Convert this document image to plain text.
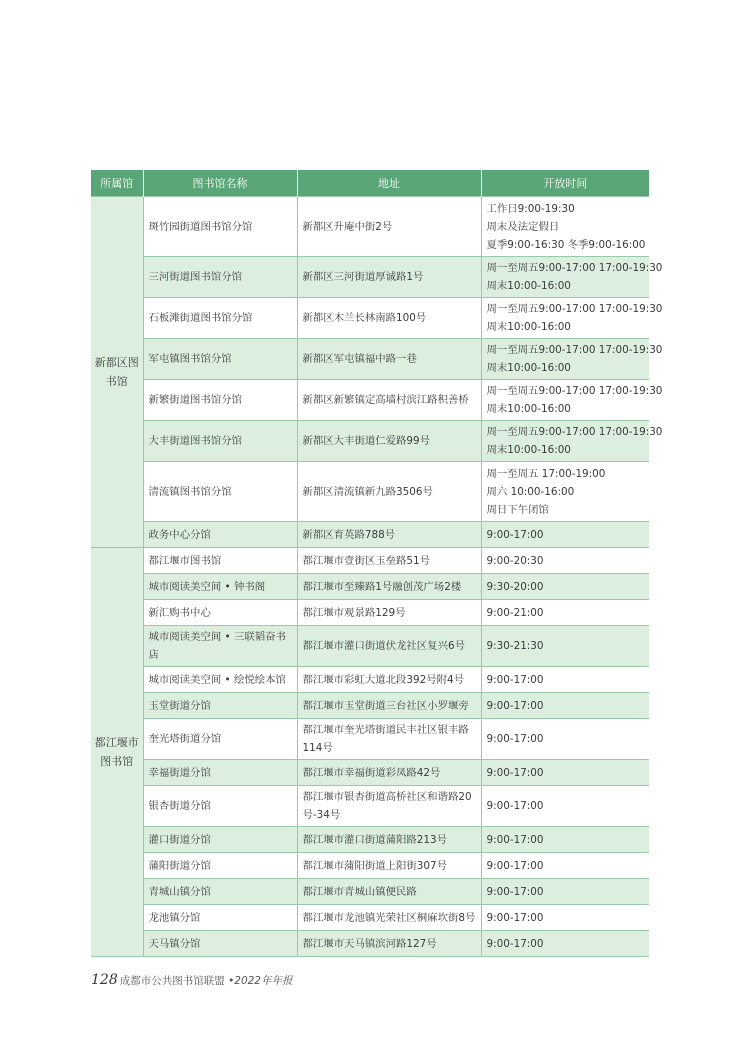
所属馆	图书馆名称	地址	开放时间
新都区图书馆	斑竹园街道图书馆分馆	新都区升庵中街2号	工作日9:00-19:30
周末及法定假日
夏季9:00-16:30 冬季9:00-16:00

	三河街道图书馆分馆	新都区三河街道厚诚路1号	周一至周五9:00-17:00 17:00-19:30
周末10:00-16:00

	石板滩街道图书馆分馆	新都区木兰长林南路100号	周一至周五9:00-17:00 17:00-19:30
周末10:00-16:00

	军屯镇图书馆分馆	新都区军屯镇福中路一巷	周一至周五9:00-17:00 17:00-19:30
周末10:00-16:00

	新繁街道图书馆分馆	新都区新繁镇定高墙村滨江路积善桥	周一至周五9:00-17:00 17:00-19:30
周末10:00-16:00

	大丰街道图书馆分馆	新都区大丰街道仁爱路99号	周一至周五9:00-17:00 17:00-19:30
周末10:00-16:00

	清流镇图书馆分馆	新都区清流镇新九路3506号	周一至周五 17:00-19:00
周六 10:00-16:00
周日下午闭馆

	政务中心分馆	新都区育英路788号	9:00-17:00

都江堰市图书馆	都江堰市图书馆	都江堰市壹街区玉垒路51号	9:00-20:30

	城市阅读美空间 • 钟书阁	都江堰市至臻路1号融创茂广场2楼	9:30-20:00

	新汇购书中心	都江堰市观景路129号	9:00-21:00

	城市阅读美空间 • 三联韬奋书店	都江堰市灌口街道伏龙社区复兴6号	9:30-21:30

	城市阅读美空间 • 绘悦绘本馆	都江堰市彩虹大道北段392号附4号	9:00-17:00

	玉堂街道分馆	都江堰市玉堂街道三台社区小罗堰旁	9:00-17:00

	奎光塔街道分馆	都江堰市奎光塔街道民丰社区银丰路114号	9:00-17:00

	幸福街道分馆	都江堰市幸福街道彩凤路42号	9:00-17:00

	银杏街道分馆	都江堰市银杏街道高桥社区和谐路20号-34号	9:00-17:00

	灌口街道分馆	都江堰市灌口街道蒲阳路213号	9:00-17:00

	蒲阳街道分馆	都江堰市蒲阳街道上阳街307号	9:00-17:00

	青城山镇分馆	都江堰市青城山镇便民路	9:00-17:00

	龙池镇分馆	都江堰市龙池镇光荣社区桐麻坎街8号	9:00-17:00

	天马镇分馆	都江堰市天马镇滨河路127号	9:00-17:00
128 成都市公共图书馆联盟 • 2022年年报
